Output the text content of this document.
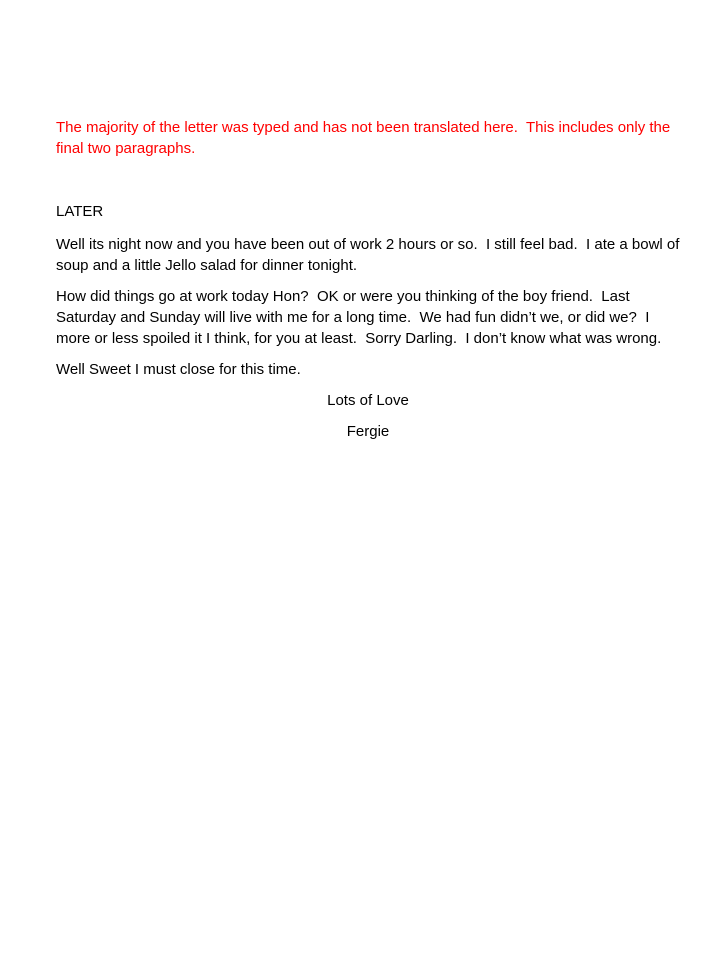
The majority of the letter was typed and has not been translated here.  This includes only the final two paragraphs.

LATER

Well its night now and you have been out of work 2 hours or so.  I still feel bad.  I ate a bowl of soup and a little Jello salad for dinner tonight.

How did things go at work today Hon?  OK or were you thinking of the boy friend.  Last Saturday and Sunday will live with me for a long time.  We had fun didn’t we, or did we?  I more or less spoiled it I think, for you at least.  Sorry Darling.  I don’t know what was wrong.

Well Sweet I must close for this time.

Lots of Love

Fergie
